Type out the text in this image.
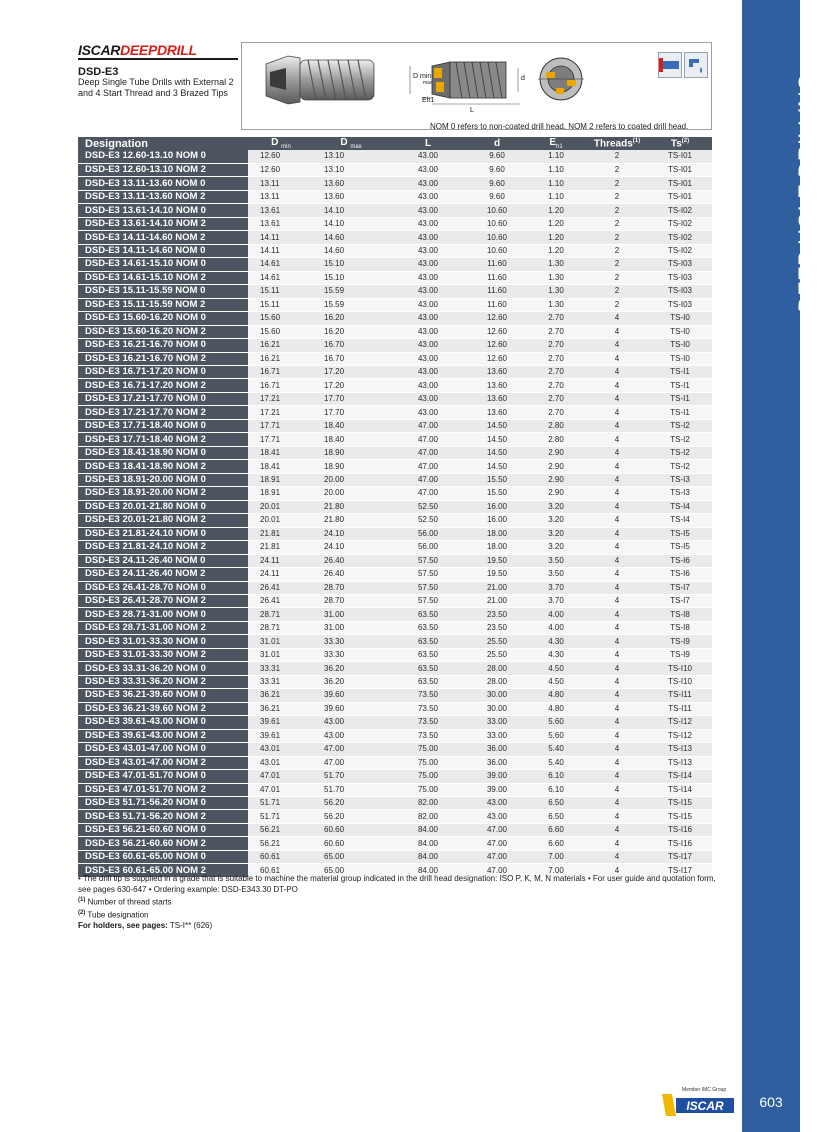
DEEP HOLE DRILLING
603
ISCARDEEPDRILL
DSD-E3
Deep Single Tube Drills with External 2 and 4 Start Thread and 3 Brazed Tips
D min
max
Eh1
L
d
NOM 0 refers to non-coated drill head, NOM 2 refers to coated drill head.
Designation	D $_{min}$	D $_{max}$	L	d	$E_{h1}$	Threads$^{(1)}$	Ts$^{(2)}$
DSD-E3 12.60-13.10 NOM 0	12.60	13.10	43.00	9.60	1.10	2	TS-I01
DSD-E3 12.60-13.10 NOM 2	12.60	13.10	43.00	9.60	1.10	2	TS-I01
DSD-E3 13.11-13.60 NOM 0	13.11	13.60	43.00	9.60	1.10	2	TS-I01
DSD-E3 13.11-13.60 NOM 2	13.11	13.60	43.00	9.60	1.10	2	TS-I01
DSD-E3 13.61-14.10 NOM 0	13.61	14.10	43.00	10.60	1.20	2	TS-I02
DSD-E3 13.61-14.10 NOM 2	13.61	14.10	43.00	10.60	1.20	2	TS-I02
DSD-E3 14.11-14.60 NOM 2	14.11	14.60	43.00	10.60	1.20	2	TS-I02
DSD-E3 14.11-14.60 NOM 0	14.11	14.60	43.00	10.60	1.20	2	TS-I02
DSD-E3 14.61-15.10 NOM 0	14.61	15.10	43.00	11.60	1.30	2	TS-I03
DSD-E3 14.61-15.10 NOM 2	14.61	15.10	43.00	11.60	1.30	2	TS-I03
DSD-E3 15.11-15.59 NOM 0	15.11	15.59	43.00	11.60	1.30	2	TS-I03
DSD-E3 15.11-15.59 NOM 2	15.11	15.59	43.00	11.60	1.30	2	TS-I03
DSD-E3 15.60-16.20 NOM 0	15.60	16.20	43.00	12.60	2.70	4	TS-I0
DSD-E3 15.60-16.20 NOM 2	15.60	16.20	43.00	12.60	2.70	4	TS-I0
DSD-E3 16.21-16.70 NOM 0	16.21	16.70	43.00	12.60	2.70	4	TS-I0
DSD-E3 16.21-16.70 NOM 2	16.21	16.70	43.00	12.60	2.70	4	TS-I0
DSD-E3 16.71-17.20 NOM 0	16.71	17.20	43.00	13.60	2.70	4	TS-I1
DSD-E3 16.71-17.20 NOM 2	16.71	17.20	43.00	13.60	2.70	4	TS-I1
DSD-E3 17.21-17.70 NOM 0	17.21	17.70	43.00	13.60	2.70	4	TS-I1
DSD-E3 17.21-17.70 NOM 2	17.21	17.70	43.00	13.60	2.70	4	TS-I1
DSD-E3 17.71-18.40 NOM 0	17.71	18.40	47.00	14.50	2.80	4	TS-I2
DSD-E3 17.71-18.40 NOM 2	17.71	18.40	47.00	14.50	2.80	4	TS-I2
DSD-E3 18.41-18.90 NOM 0	18.41	18.90	47.00	14.50	2.90	4	TS-I2
DSD-E3 18.41-18.90 NOM 2	18.41	18.90	47.00	14.50	2.90	4	TS-I2
DSD-E3 18.91-20.00 NOM 0	18.91	20.00	47.00	15.50	2.90	4	TS-I3
DSD-E3 18.91-20.00 NOM 2	18.91	20.00	47.00	15.50	2.90	4	TS-I3
DSD-E3 20.01-21.80 NOM 0	20.01	21.80	52.50	16.00	3.20	4	TS-I4
DSD-E3 20.01-21.80 NOM 2	20.01	21.80	52.50	16.00	3.20	4	TS-I4
DSD-E3 21.81-24.10 NOM 0	21.81	24.10	56.00	18.00	3.20	4	TS-I5
DSD-E3 21.81-24.10 NOM 2	21.81	24.10	56.00	18.00	3.20	4	TS-I5
DSD-E3 24.11-26.40 NOM 0	24.11	26.40	57.50	19.50	3.50	4	TS-I6
DSD-E3 24.11-26.40 NOM 2	24.11	26.40	57.50	19.50	3.50	4	TS-I6
DSD-E3 26.41-28.70 NOM 0	26.41	28.70	57.50	21.00	3.70	4	TS-I7
DSD-E3 26.41-28.70 NOM 2	26.41	28.70	57.50	21.00	3.70	4	TS-I7
DSD-E3 28.71-31.00 NOM 0	28.71	31.00	63.50	23.50	4.00	4	TS-I8
DSD-E3 28.71-31.00 NOM 2	28.71	31.00	63.50	23.50	4.00	4	TS-I8
DSD-E3 31.01-33.30 NOM 0	31.01	33.30	63.50	25.50	4.30	4	TS-I9
DSD-E3 31.01-33.30 NOM 2	31.01	33.30	63.50	25.50	4.30	4	TS-I9
DSD-E3 33.31-36.20 NOM 0	33.31	36.20	63.50	28.00	4.50	4	TS-I10
DSD-E3 33.31-36.20 NOM 2	33.31	36.20	63.50	28.00	4.50	4	TS-I10
DSD-E3 36.21-39.60 NOM 0	36.21	39.60	73.50	30.00	4.80	4	TS-I11
DSD-E3 36.21-39.60 NOM 2	36.21	39.60	73.50	30.00	4.80	4	TS-I11
DSD-E3 39.61-43.00 NOM 0	39.61	43.00	73.50	33.00	5.60	4	TS-I12
DSD-E3 39.61-43.00 NOM 2	39.61	43.00	73.50	33.00	5.60	4	TS-I12
DSD-E3 43.01-47.00 NOM 0	43.01	47.00	75.00	36.00	5.40	4	TS-I13
DSD-E3 43.01-47.00 NOM 2	43.01	47.00	75.00	36.00	5.40	4	TS-I13
DSD-E3 47.01-51.70 NOM 0	47.01	51.70	75.00	39.00	6.10	4	TS-I14
DSD-E3 47.01-51.70 NOM 2	47.01	51.70	75.00	39.00	6.10	4	TS-I14
DSD-E3 51.71-56.20 NOM 0	51.71	56.20	82.00	43.00	6.50	4	TS-I15
DSD-E3 51.71-56.20 NOM 2	51.71	56.20	82.00	43.00	6.50	4	TS-I15
DSD-E3 56.21-60.60 NOM 0	56.21	60.60	84.00	47.00	6.60	4	TS-I16
DSD-E3 56.21-60.60 NOM 2	56.21	60.60	84.00	47.00	6.60	4	TS-I16
DSD-E3 60.61-65.00 NOM 0	60.61	65.00	84.00	47.00	7.00	4	TS-I17
DSD-E3 60.61-65.00 NOM 2	60.61	65.00	84.00	47.00	7.00	4	TS-I17
• The drill tip is supplied in a grade that is suitable to machine the material group indicated in the drill head designation: ISO P, K, M, N materials • For user guide and quotation form, see pages 630-647 • Ordering example: DSD-E343.30 DT-PO
$^{(1)}$ Number of thread starts
$^{(2)}$ Tube designation
For holders, see pages: TS-I** (626)
Member IMC Group
ISCAR
